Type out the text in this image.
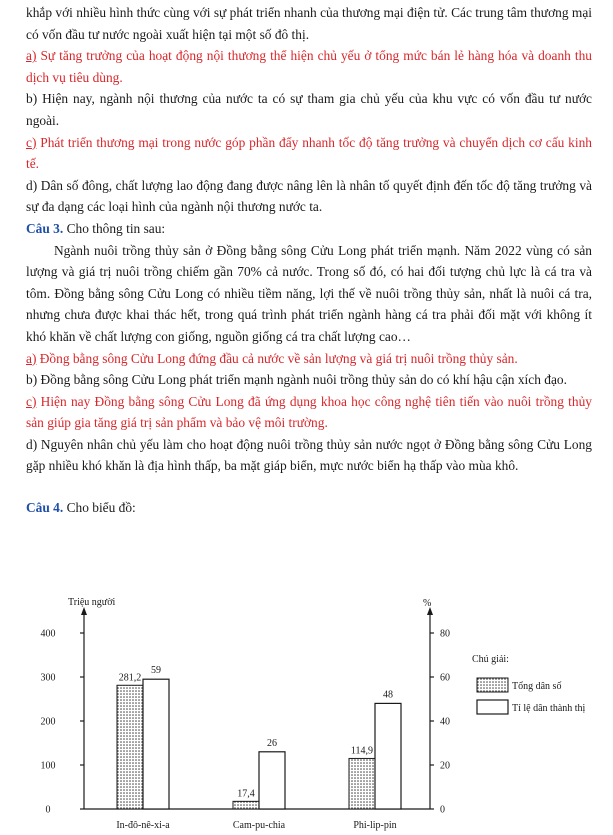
khắp với nhiều hình thức cùng với sự phát triển nhanh của thương mại điện tử. Các trung tâm thương mại có vốn đầu tư nước ngoài xuất hiện tại một số đô thị.

a) Sự tăng trưởng của hoạt động nội thương thể hiện chủ yếu ở tổng mức bán lẻ hàng hóa và doanh thu dịch vụ tiêu dùng.

b) Hiện nay, ngành nội thương của nước ta có sự tham gia chủ yếu của khu vực có vốn đầu tư nước ngoài.

c) Phát triển thương mại trong nước góp phần đẩy nhanh tốc độ tăng trưởng và chuyển dịch cơ cấu kinh tế.

d) Dân số đông, chất lượng lao động đang được nâng lên là nhân tố quyết định đến tốc độ tăng trưởng và sự đa dạng các loại hình của ngành nội thương nước ta.

Câu 3. Cho thông tin sau:

Ngành nuôi trồng thủy sản ở Đồng bằng sông Cửu Long phát triển mạnh. Năm 2022 vùng có sản lượng và giá trị nuôi trồng chiếm gần 70% cả nước. Trong số đó, có hai đối tượng chủ lực là cá tra và tôm. Đồng bằng sông Cửu Long có nhiều tiềm năng, lợi thế về nuôi trồng thủy sản, nhất là nuôi cá tra, nhưng chưa được khai thác hết, trong quá trình phát triển ngành hàng cá tra phải đối mặt với không ít khó khăn về chất lượng con giống, nguồn giống cá tra chất lượng cao…

a) Đồng bằng sông Cửu Long đứng đầu cả nước về sản lượng và giá trị nuôi trồng thủy sản.

b) Đồng bằng sông Cửu Long phát triển mạnh ngành nuôi trồng thủy sản do có khí hậu cận xích đạo.

c) Hiện nay Đồng bằng sông Cửu Long đã ứng dụng khoa học công nghệ tiên tiến vào nuôi trồng thủy sản giúp gia tăng giá trị sản phẩm và bảo vệ môi trường.

d) Nguyên nhân chủ yếu làm cho hoạt động nuôi trồng thủy sản nước ngọt ở Đồng bằng sông Cửu Long gặp nhiều khó khăn là địa hình thấp, ba mặt giáp biển, mực nước biển hạ thấp vào mùa khô.

Câu 4. Cho biểu đồ:

Triệu người	%
0
100
200
300
400
0
20
40
60
80
281,2
59
In-đô-nê-xi-a
17,4
26
Cam-pu-chia
114,9
48
Phi-lip-pin
Chú giải:
Tổng dân số
Tỉ lệ dân thành thị
